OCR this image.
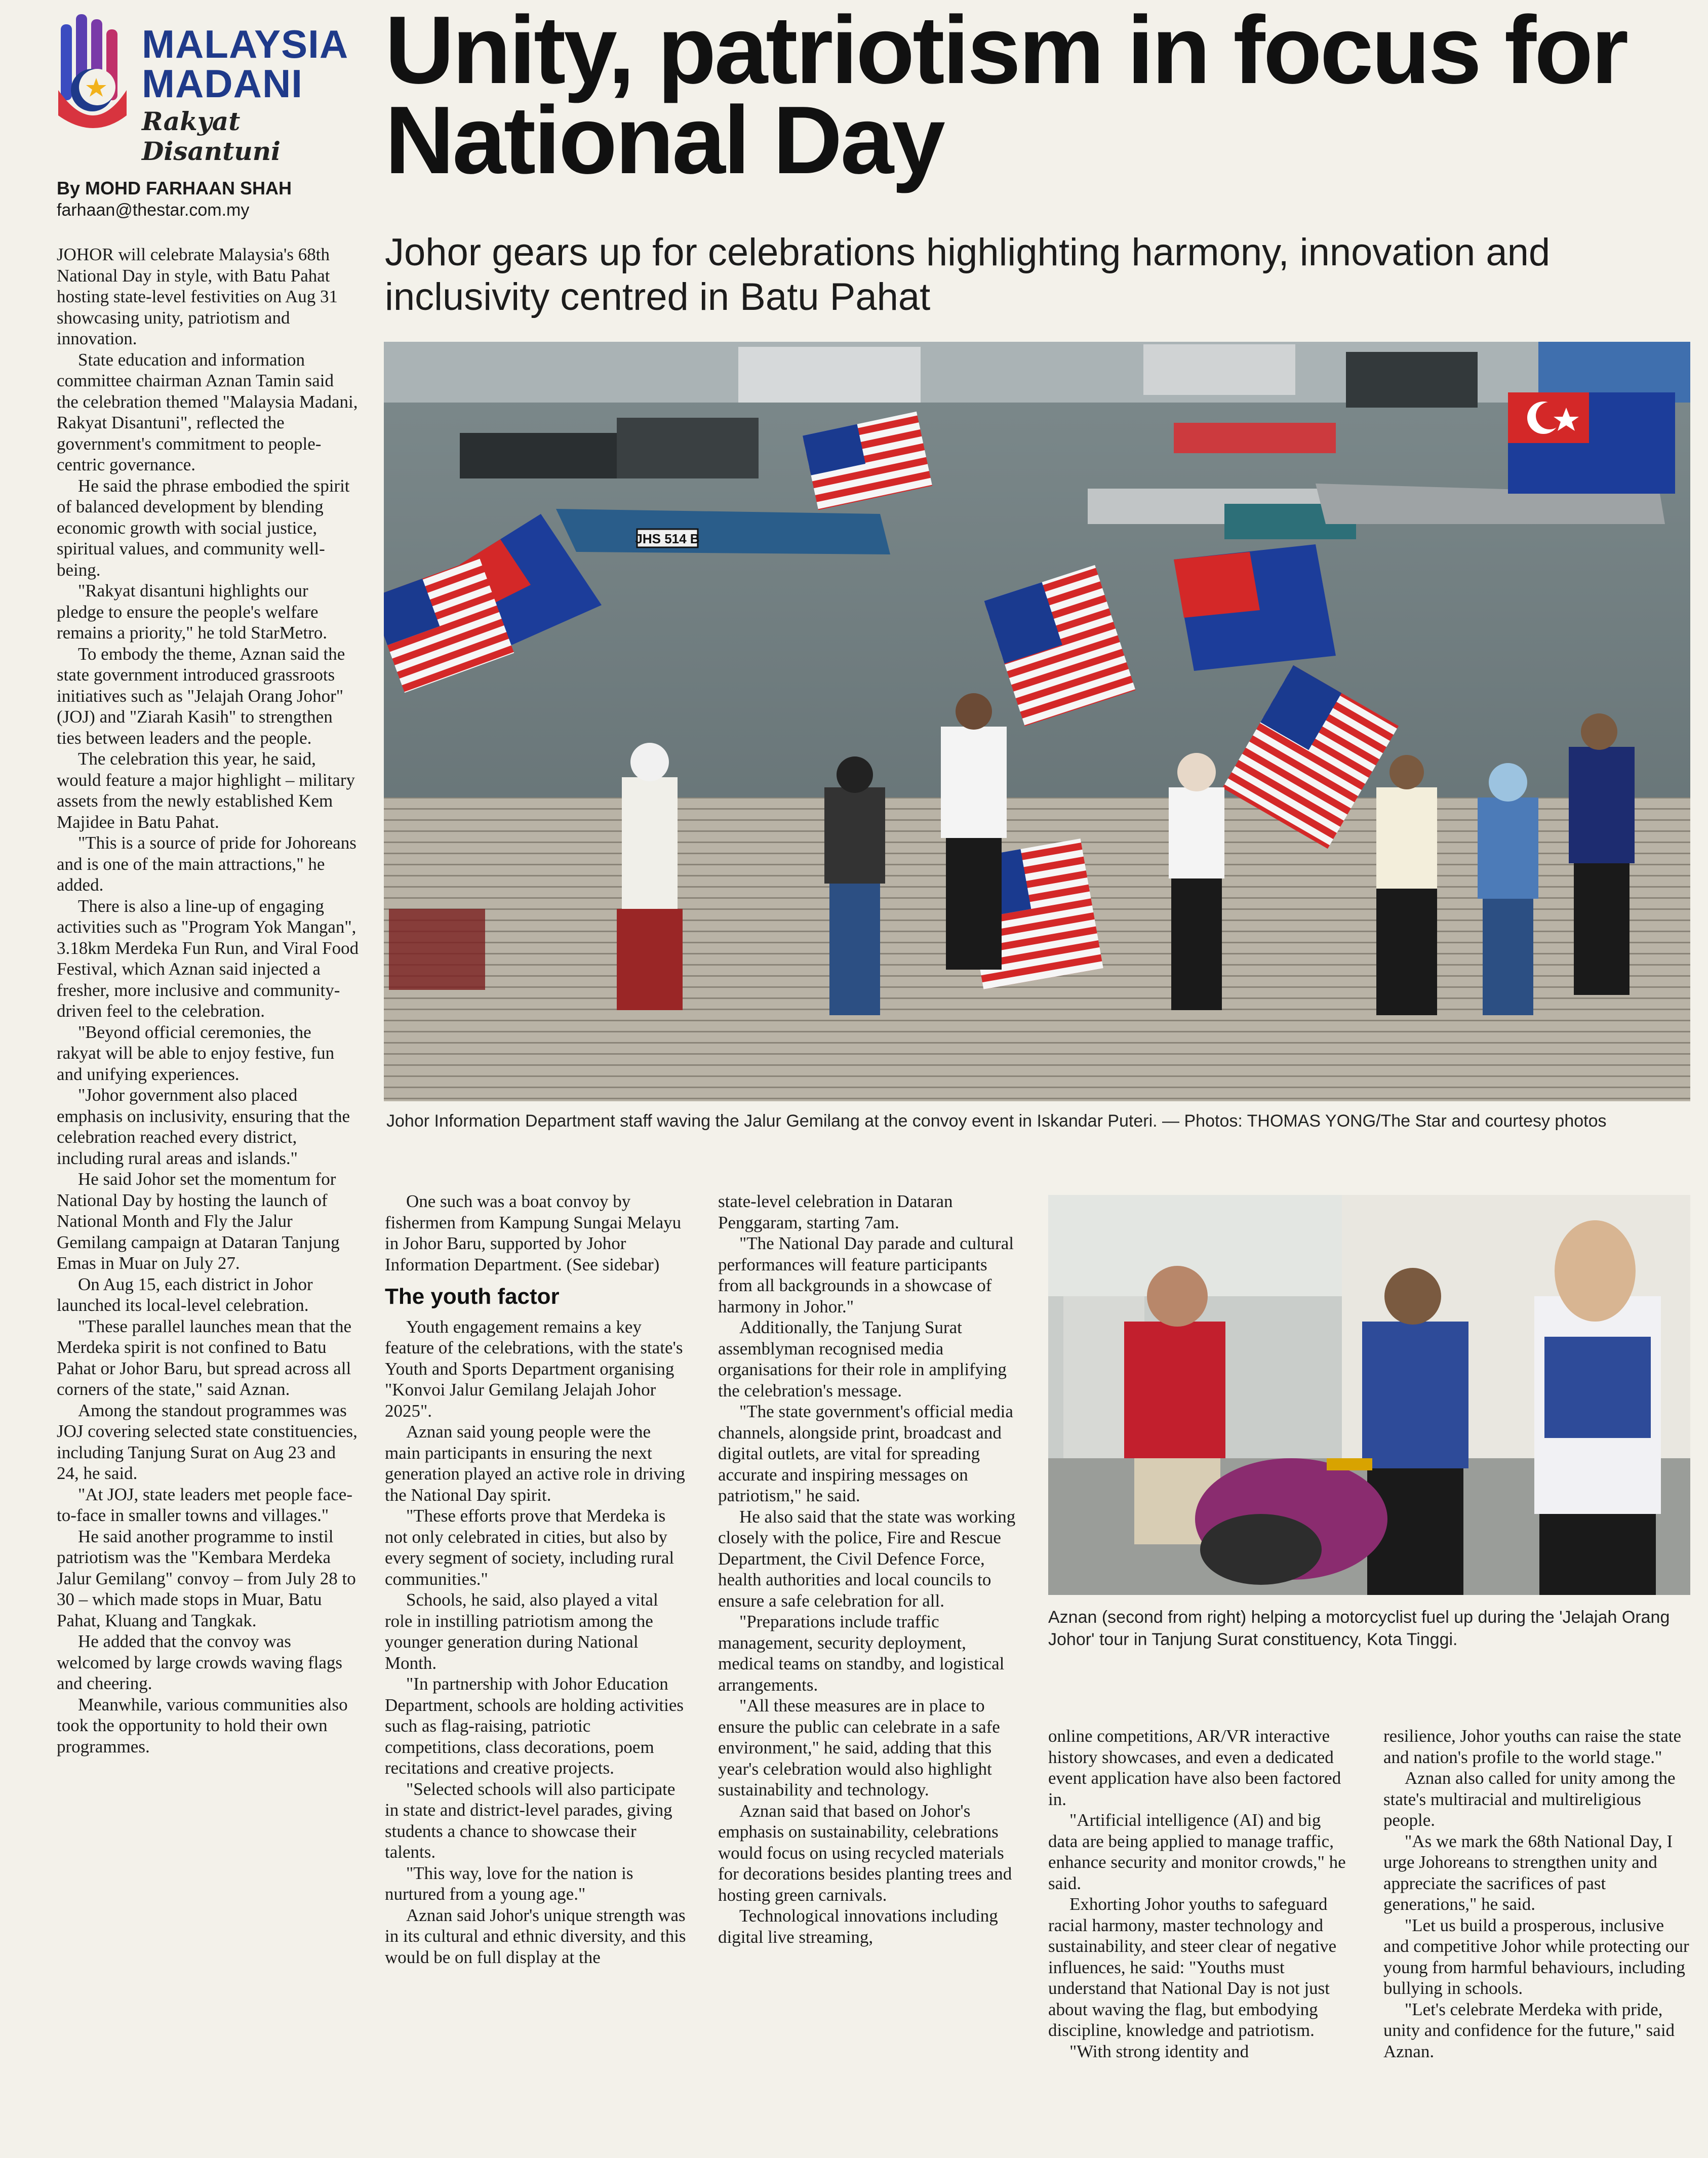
MALAYSIA
MADANI
Rakyat Disantuni
Unity, patriotism in focus for National Day
Johor gears up for celebrations highlighting harmony, innovation and inclusivity centred in Batu Pahat
By MOHD FARHAAN SHAH
farhaan@thestar.com.my

JOHOR will celebrate Malaysia's 68th National Day in style, with Batu Pahat hosting state-level festivities on Aug 31 showcasing unity, patriotism and innovation.

State education and information committee chairman Aznan Tamin said the celebration themed "Malaysia Madani, Rakyat Disantuni", reflected the government's commitment to people-centric governance.

He said the phrase embodied the spirit of balanced development by blending economic growth with social justice, spiritual values, and community well-being.

"Rakyat disantuni highlights our pledge to ensure the people's welfare remains a priority," he told StarMetro.

To embody the theme, Aznan said the state government introduced grassroots initiatives such as "Jelajah Orang Johor" (JOJ) and "Ziarah Kasih" to strengthen ties between leaders and the people.

The celebration this year, he said, would feature a major highlight – military assets from the newly established Kem Majidee in Batu Pahat.

"This is a source of pride for Johoreans and is one of the main attractions," he added.

There is also a line-up of engaging activities such as "Program Yok Mangan", 3.18km Merdeka Fun Run, and Viral Food Festival, which Aznan said injected a fresher, more inclusive and community-driven feel to the celebration.

"Beyond official ceremonies, the rakyat will be able to enjoy festive, fun and unifying experiences.

"Johor government also placed emphasis on inclusivity, ensuring that the celebration reached every district, including rural areas and islands."

He said Johor set the momentum for National Day by hosting the launch of National Month and Fly the Jalur Gemilang campaign at Dataran Tanjung Emas in Muar on July 27.

On Aug 15, each district in Johor launched its local-level celebration.

"These parallel launches mean that the Merdeka spirit is not confined to Batu Pahat or Johor Baru, but spread across all corners of the state," said Aznan.

Among the standout programmes was JOJ covering selected state constituencies, including Tanjung Surat on Aug 23 and 24, he said.

"At JOJ, state leaders met people face-to-face in smaller towns and villages."

He said another programme to instil patriotism was the "Kembara Merdeka Jalur Gemilang" convoy – from July 28 to 30 – which made stops in Muar, Batu Pahat, Kluang and Tangkak.

He added that the convoy was welcomed by large crowds waving flags and cheering.

Meanwhile, various communities also took the opportunity to hold their own programmes.

JHS 514 B
Johor Information Department staff waving the Jalur Gemilang at the convoy event in Iskandar Puteri. — Photos: THOMAS YONG/The Star and courtesy photos

One such was a boat convoy by fishermen from Kampung Sungai Melayu in Johor Baru, supported by Johor Information Department. (See sidebar)

The youth factor

Youth engagement remains a key feature of the celebrations, with the state's Youth and Sports Department organising "Konvoi Jalur Gemilang Jelajah Johor 2025".

Aznan said young people were the main participants in ensuring the next generation played an active role in driving the National Day spirit.

"These efforts prove that Merdeka is not only celebrated in cities, but also by every segment of society, including rural communities."

Schools, he said, also played a vital role in instilling patriotism among the younger generation during National Month.

"In partnership with Johor Education Department, schools are holding activities such as flag-raising, patriotic competitions, class decorations, poem recitations and creative projects.

"Selected schools will also participate in state and district-level parades, giving students a chance to showcase their talents.

"This way, love for the nation is nurtured from a young age."

Aznan said Johor's unique strength was in its cultural and ethnic diversity, and this would be on full display at the

state-level celebration in Dataran Penggaram, starting 7am.

"The National Day parade and cultural performances will feature participants from all backgrounds in a showcase of harmony in Johor."

Additionally, the Tanjung Surat assemblyman recognised media organisations for their role in amplifying the celebration's message.

"The state government's official media channels, alongside print, broadcast and digital outlets, are vital for spreading accurate and inspiring messages on patriotism," he said.

He also said that the state was working closely with the police, Fire and Rescue Department, the Civil Defence Force, health authorities and local councils to ensure a safe celebration for all.

"Preparations include traffic management, security deployment, medical teams on standby, and logistical arrangements.

"All these measures are in place to ensure the public can celebrate in a safe environment," he said, adding that this year's celebration would also highlight sustainability and technology.

Aznan said that based on Johor's emphasis on sustainability, celebrations would focus on using recycled materials for decorations besides planting trees and hosting green carnivals.

Technological innovations including digital live streaming,

Aznan (second from right) helping a motorcyclist fuel up during the 'Jelajah Orang Johor' tour in Tanjung Surat constituency, Kota Tinggi.

online competitions, AR/VR interactive history showcases, and even a dedicated event application have also been factored in.

"Artificial intelligence (AI) and big data are being applied to manage traffic, enhance security and monitor crowds," he said.

Exhorting Johor youths to safeguard racial harmony, master technology and sustainability, and steer clear of negative influences, he said: "Youths must understand that National Day is not just about waving the flag, but embodying discipline, knowledge and patriotism.

"With strong identity and

resilience, Johor youths can raise the state and nation's profile to the world stage."

Aznan also called for unity among the state's multiracial and multireligious people.

"As we mark the 68th National Day, I urge Johoreans to strengthen unity and appreciate the sacrifices of past generations," he said.

"Let us build a prosperous, inclusive and competitive Johor while protecting our young from harmful behaviours, including bullying in schools.

"Let's celebrate Merdeka with pride, unity and confidence for the future," said Aznan.
